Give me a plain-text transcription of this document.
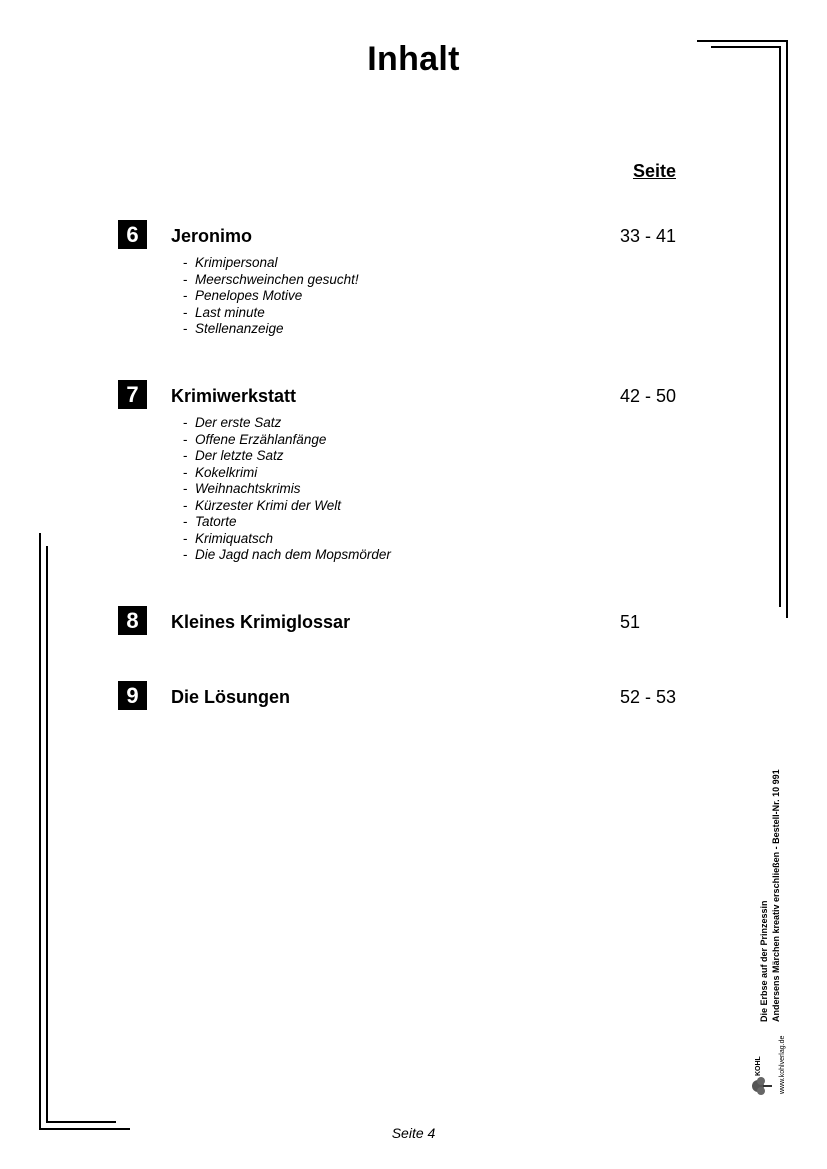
Inhalt
Seite
6	Jeronimo	33 - 41
-  Krimipersonal
-  Meerschweinchen gesucht!
-  Penelopes Motive
-  Last minute
-  Stellenanzeige
7	Krimiwerkstatt	42 - 50
-  Der erste Satz
-  Offene Erzählanfänge
-  Der letzte Satz
-  Kokelkrimi
-  Weihnachtskrimis
-  Kürzester Krimi der Welt
-  Tatorte
-  Krimiquatsch
-  Die Jagd nach dem Mopsmörder
8	Kleines Krimiglossar	51
9	Die Lösungen	52 - 53
KOHL www.kohlverlag.de
Die Erbse auf der Prinzessin Andersens Märchen kreativ erschließen - Bestell-Nr. 10 991
Seite 4
